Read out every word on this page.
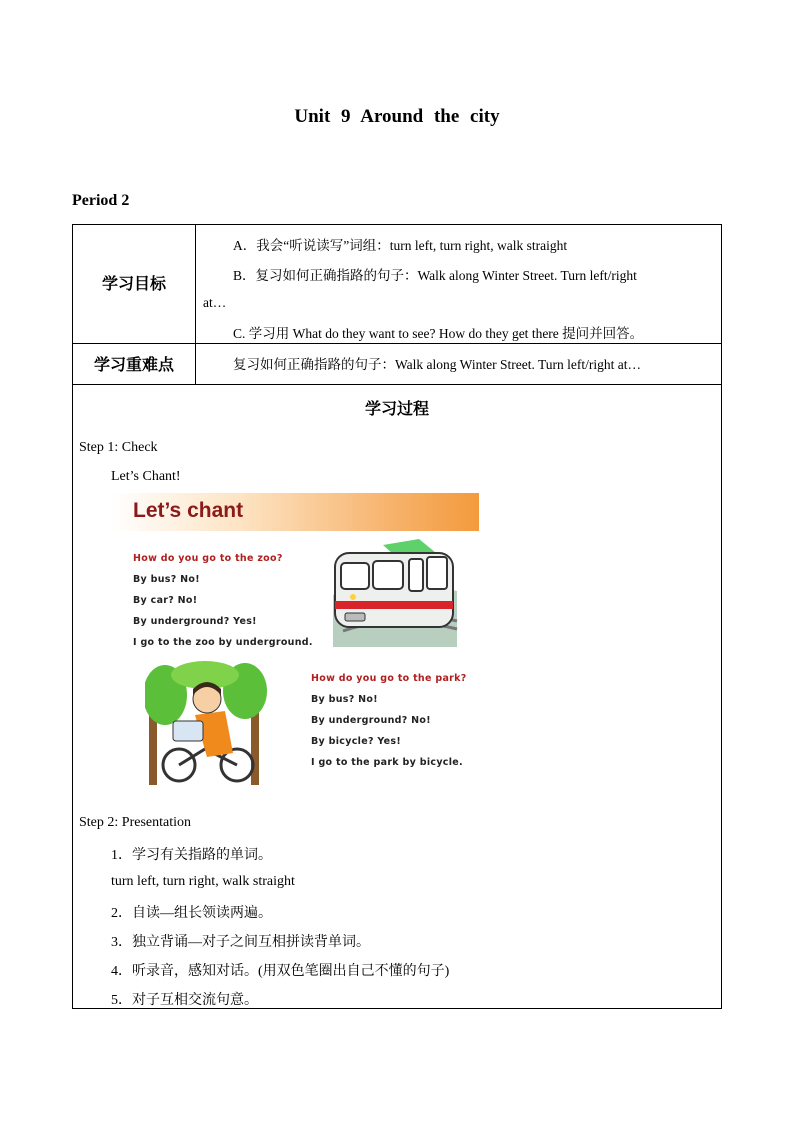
Unit 9 Around the city
Period 2
学习目标
A．我会“听说读写”词组：turn left, turn right, walk straight
B．复习如何正确指路的句子：Walk along Winter Street. Turn left/right
at…
C. 学习用 What do they want to see? How do they get there 提问并回答。
学习重难点	复习如何正确指路的句子：Walk along Winter Street. Turn left/right at…
学习过程
Step 1: Check
Let’s Chant!
Let’s chant
How do you go to the zoo?
By bus? No!
By car? No!
By underground? Yes!
I go to the zoo by underground.
How do you go to the park?
By bus? No!
By underground? No!
By bicycle? Yes!
I go to the park by bicycle.
Step 2: Presentation
1．学习有关指路的单词。
turn left, turn right, walk straight
2．自读—组长领读两遍。
3．独立背诵—对子之间互相拼读背单词。
4．听录音，感知对话。(用双色笔圈出自己不懂的句子)
5．对子互相交流句意。
